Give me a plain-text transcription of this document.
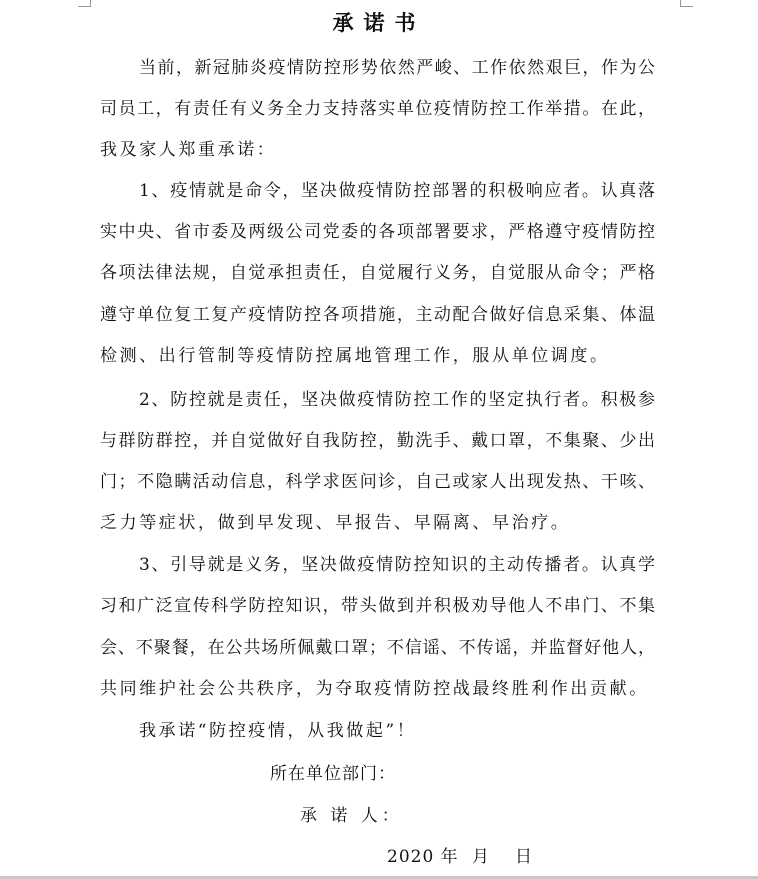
承诺书
当前，新冠肺炎疫情防控形势依然严峻、工作依然艰巨，作为公
司员工，有责任有义务全力支持落实单位疫情防控工作举措。在此，
我及家人郑重承诺：
1、疫情就是命令，坚决做疫情防控部署的积极响应者。认真落
实中央、省市委及两级公司党委的各项部署要求，严格遵守疫情防控
各项法律法规，自觉承担责任，自觉履行义务，自觉服从命令；严格
遵守单位复工复产疫情防控各项措施，主动配合做好信息采集、体温
检测、出行管制等疫情防控属地管理工作，服从单位调度。
2、防控就是责任，坚决做疫情防控工作的坚定执行者。积极参
与群防群控，并自觉做好自我防控，勤洗手、戴口罩，不集聚、少出
门；不隐瞒活动信息，科学求医问诊，自己或家人出现发热、干咳、
乏力等症状，做到早发现、早报告、早隔离、早治疗。
3、引导就是义务，坚决做疫情防控知识的主动传播者。认真学
习和广泛宣传科学防控知识，带头做到并积极劝导他人不串门、不集
会、不聚餐，在公共场所佩戴口罩；不信谣、不传谣，并监督好他人，
共同维护社会公共秩序，为夺取疫情防控战最终胜利作出贡献。
我承诺“防控疫情，从我做起”！
所在单位部门：
承 诺 人：
2020 年 月 日
